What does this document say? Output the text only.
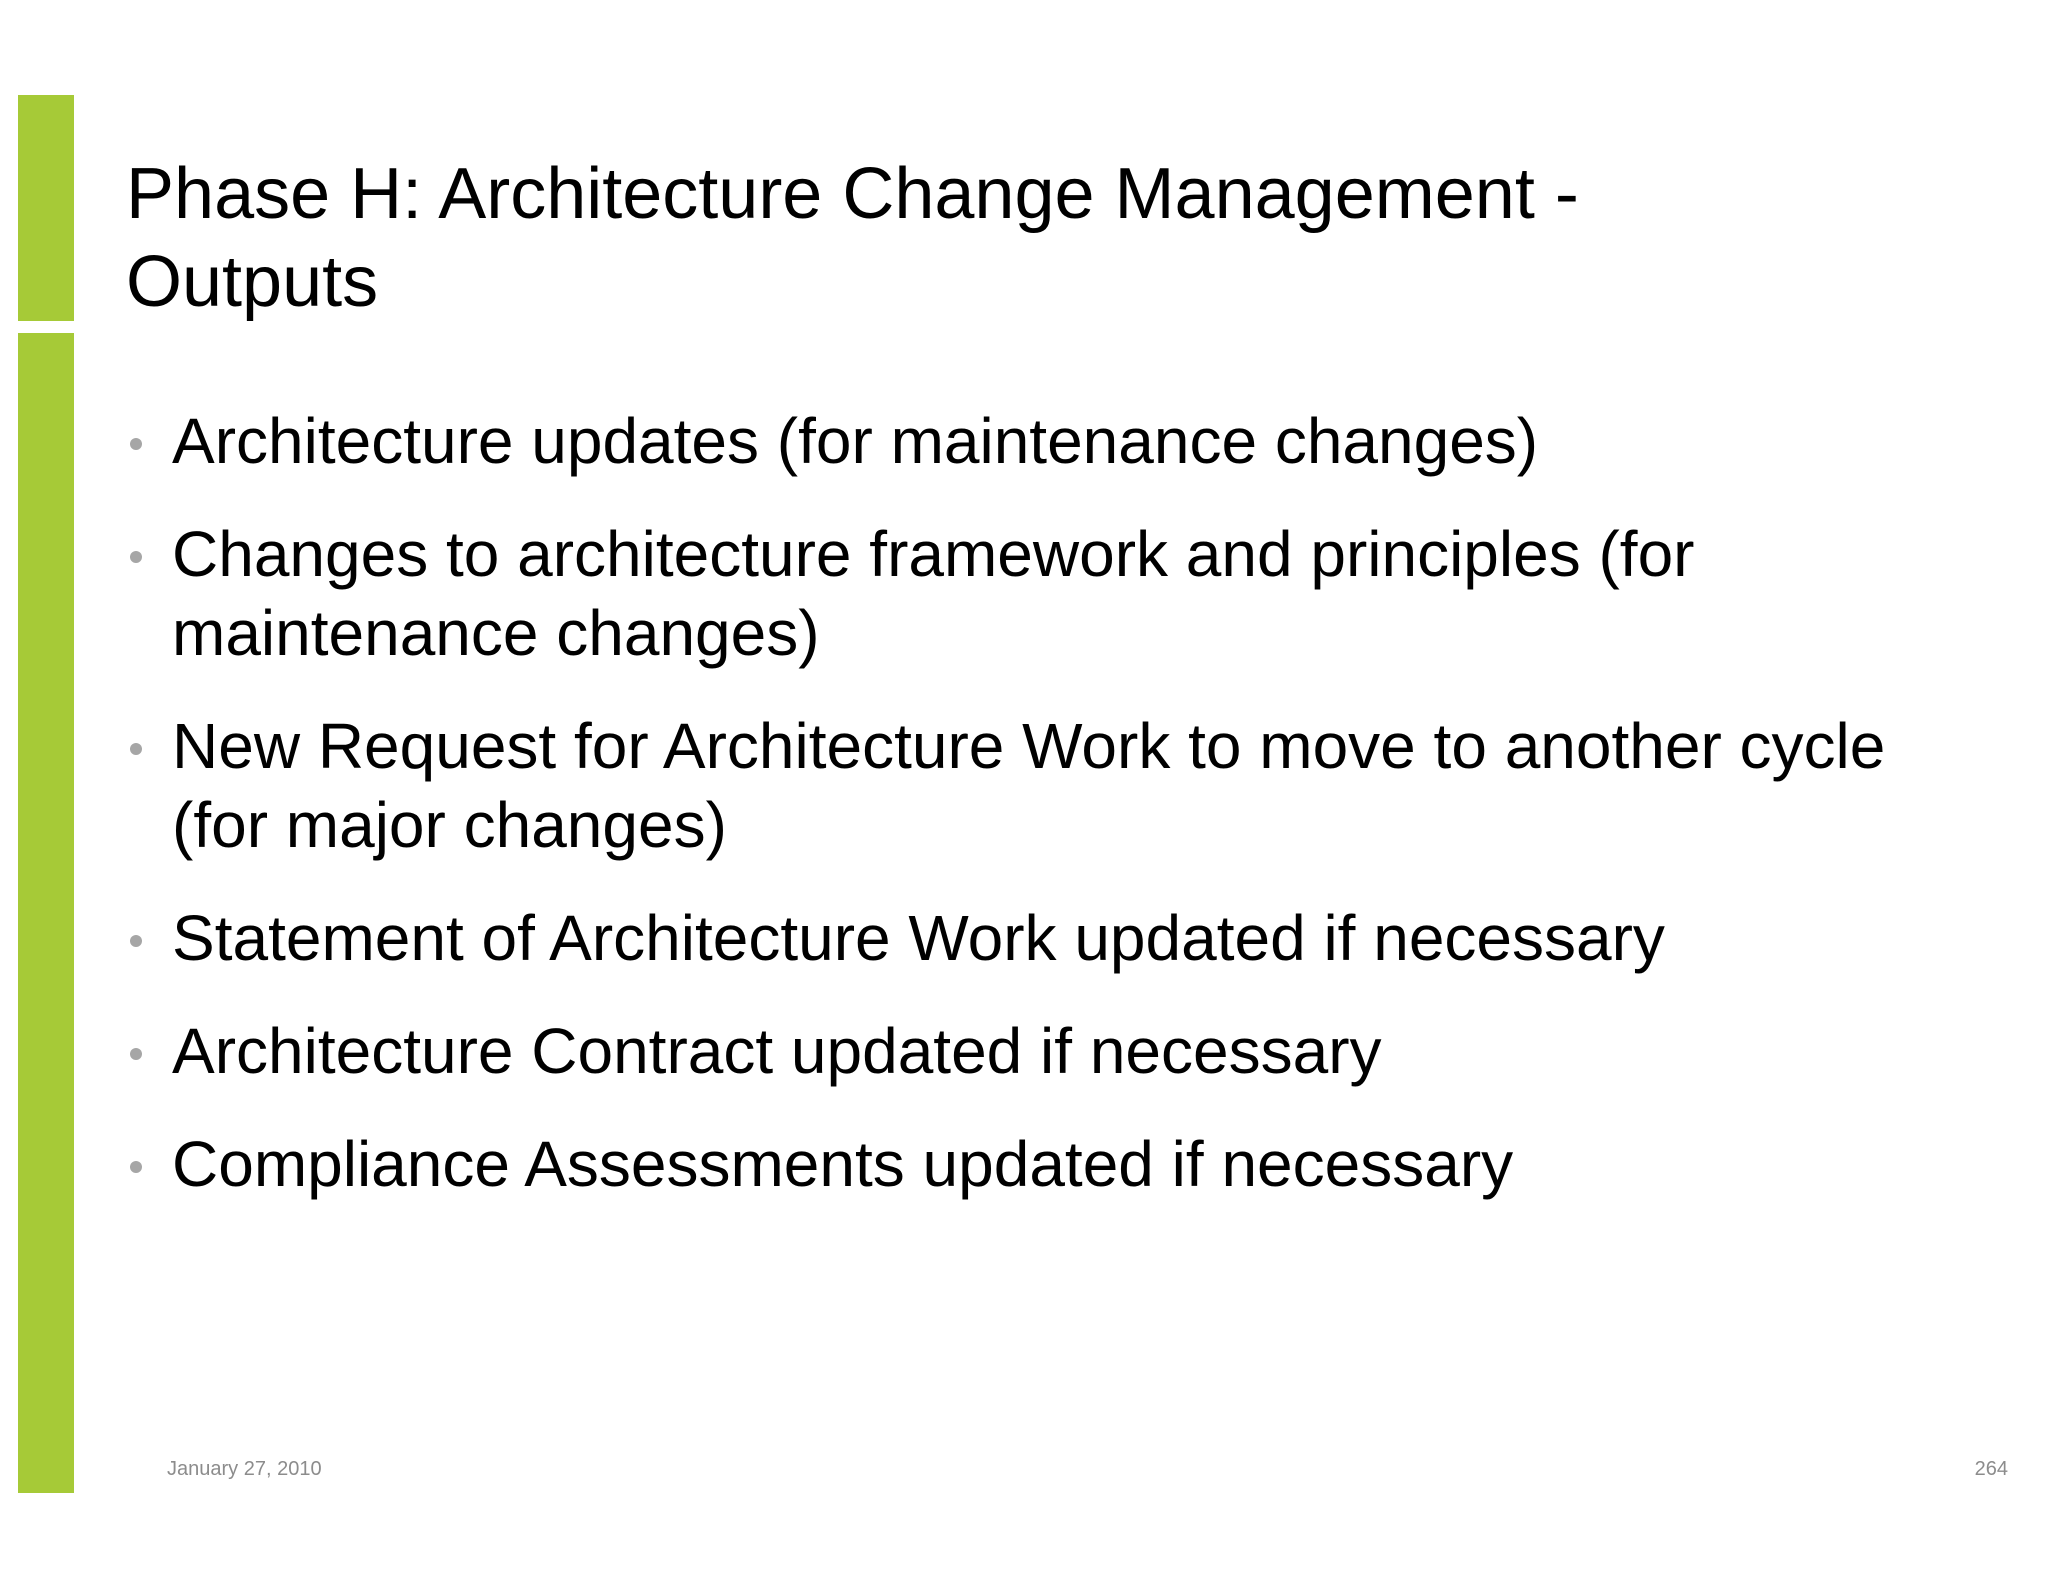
Phase H: Architecture Change Management - Outputs
Architecture updates (for maintenance changes)
Changes to architecture framework and principles (for maintenance changes)
New Request for Architecture Work to move to another cycle (for major changes)
Statement of Architecture Work updated if necessary
Architecture Contract updated if necessary
Compliance Assessments updated if necessary
January 27, 2010	264
